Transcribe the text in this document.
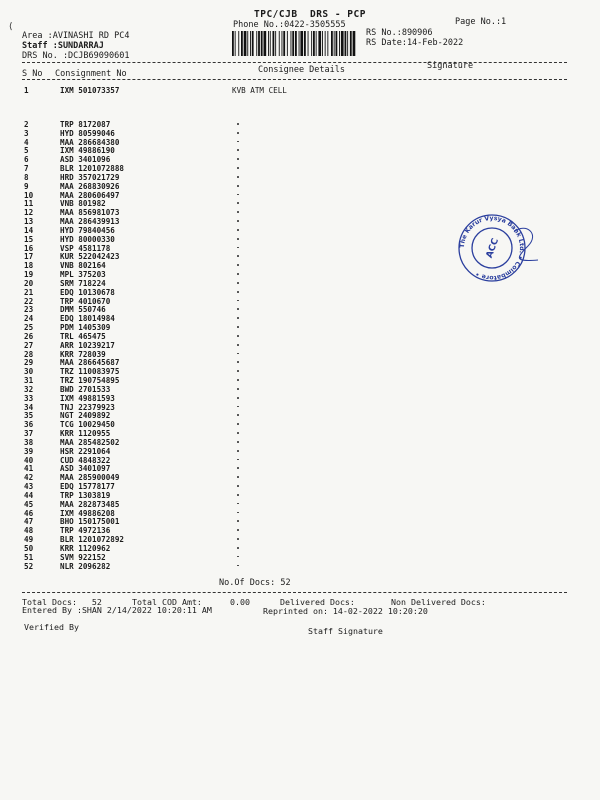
TPC/CJB  DRS - PCP
Phone No.:0422-3505555	Page No.:1
Area :AVINASHI RD PC4
Staff :SUNDARRAJ
DRS No. :DCJB69090601
RS No.:890906
RS Date:14-Feb-2022
⟨
S No Consignment No	Consignee Details	Signature
1	IXM 501073357	KVB ATM CELL
2	TRP 8172087
3	HYD 80599046
4	MAA 286684380
5	IXM 49886190
6	ASD 3401096
7	BLR 1201072888
8	HRD 357021729
9	MAA 268830926
10	MAA 280606497
11	VNB 801982
12	MAA 856981073
13	MAA 286439913
14	HYD 79840456
15	HYD 80000330
16	VSP 4581178
17	KUR 522042423
18	VNB 802164
19	MPL 375203
20	SRM 718224
21	EDQ 10130678
22	TRP 4010670
23	DMM 550746
24	EDQ 18014984
25	PDM 1405309
26	TRL 465475
27	ARR 10239217
28	KRR 728039
29	MAA 286645687
30	TRZ 110083975
31	TRZ 190754895
32	BWD 2701533
33	IXM 49881593
34	TNJ 22379923
35	NGT 2409892
36	TCG 10029450
37	KRR 1120955
38	MAA 285482502
39	HSR 2291064
40	CUD 4848322
41	ASD 3401097
42	MAA 285900049
43	EDQ 15778177
44	TRP 1303819
45	MAA 282873485
46	IXM 49886208
47	BHO 150175001
48	TRP 4972136
49	BLR 1201072892
50	KRR 1120962
51	SVM 922152
52	NLR 2096282
No.Of Docs: 52
Total Docs:   52	Total COD Amt:	0.00	Delivered Docs:	Non Delivered Docs:
Entered By :SHAN 2/14/2022 10:20:11 AM	Reprinted on: 14-02-2022 10:20:20
Verified By	Staff Signature
The Karur Vysya Bank Ltd. • Coimbatore •
ACC
